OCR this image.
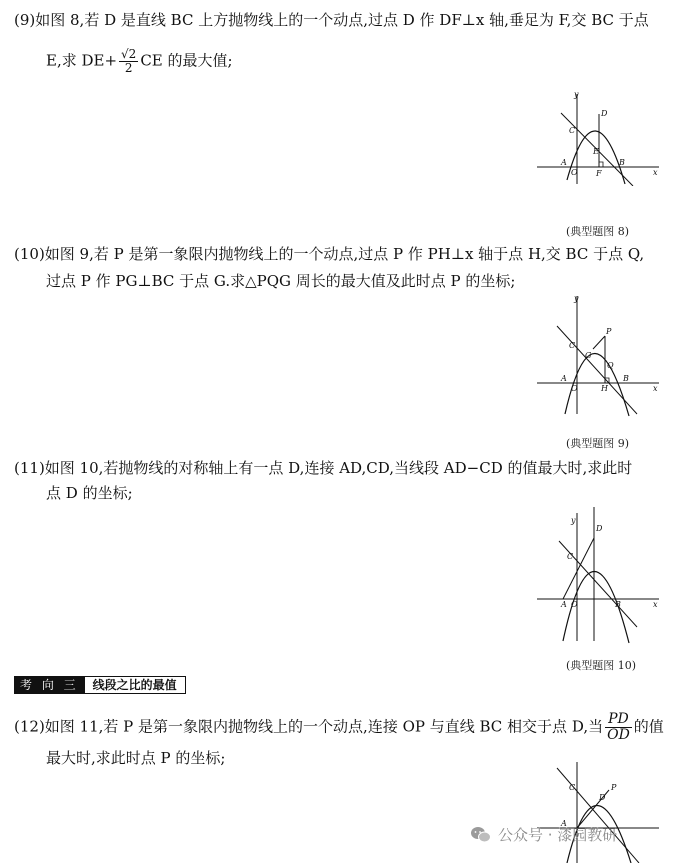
(9)如图 8,若 D 是直线 BC 上方抛物线上的一个动点,过点 D 作 DF⊥x 轴,垂足为 F,交 BC 于点
E,求 $DE+ \frac{√2}{2}$ CE 的最大值;
y
x
O
A	B
C
D
E
F
(典型题图 8)
(10)如图 9,若 P 是第一象限内抛物线上的一个动点,过点 P 作 PH⊥x 轴于点 H,交 BC 于点 Q,
过点 P 作 PG⊥BC 于点 G.求△PQG 周长的最大值及此时点 P 的坐标;
y
x
O
A	B
C
P
Q
G
H
(典型题图 9)
(11)如图 10,若抛物线的对称轴上有一点 D,连接 AD,CD,当线段 AD−CD 的值最大时,求此时
点 D 的坐标;
y
x
O
A	B
C
D
(典型题图 10)
考 向 三	线段之比的最值
(12)如图 11,若 P 是第一象限内抛物线上的一个动点,连接 OP 与直线 BC 相交于点 D,当 $\frac{PD}{OD}$ 的值
最大时,求此时点 P 的坐标;
D
P
C
A
公众号 · 漆园教研
